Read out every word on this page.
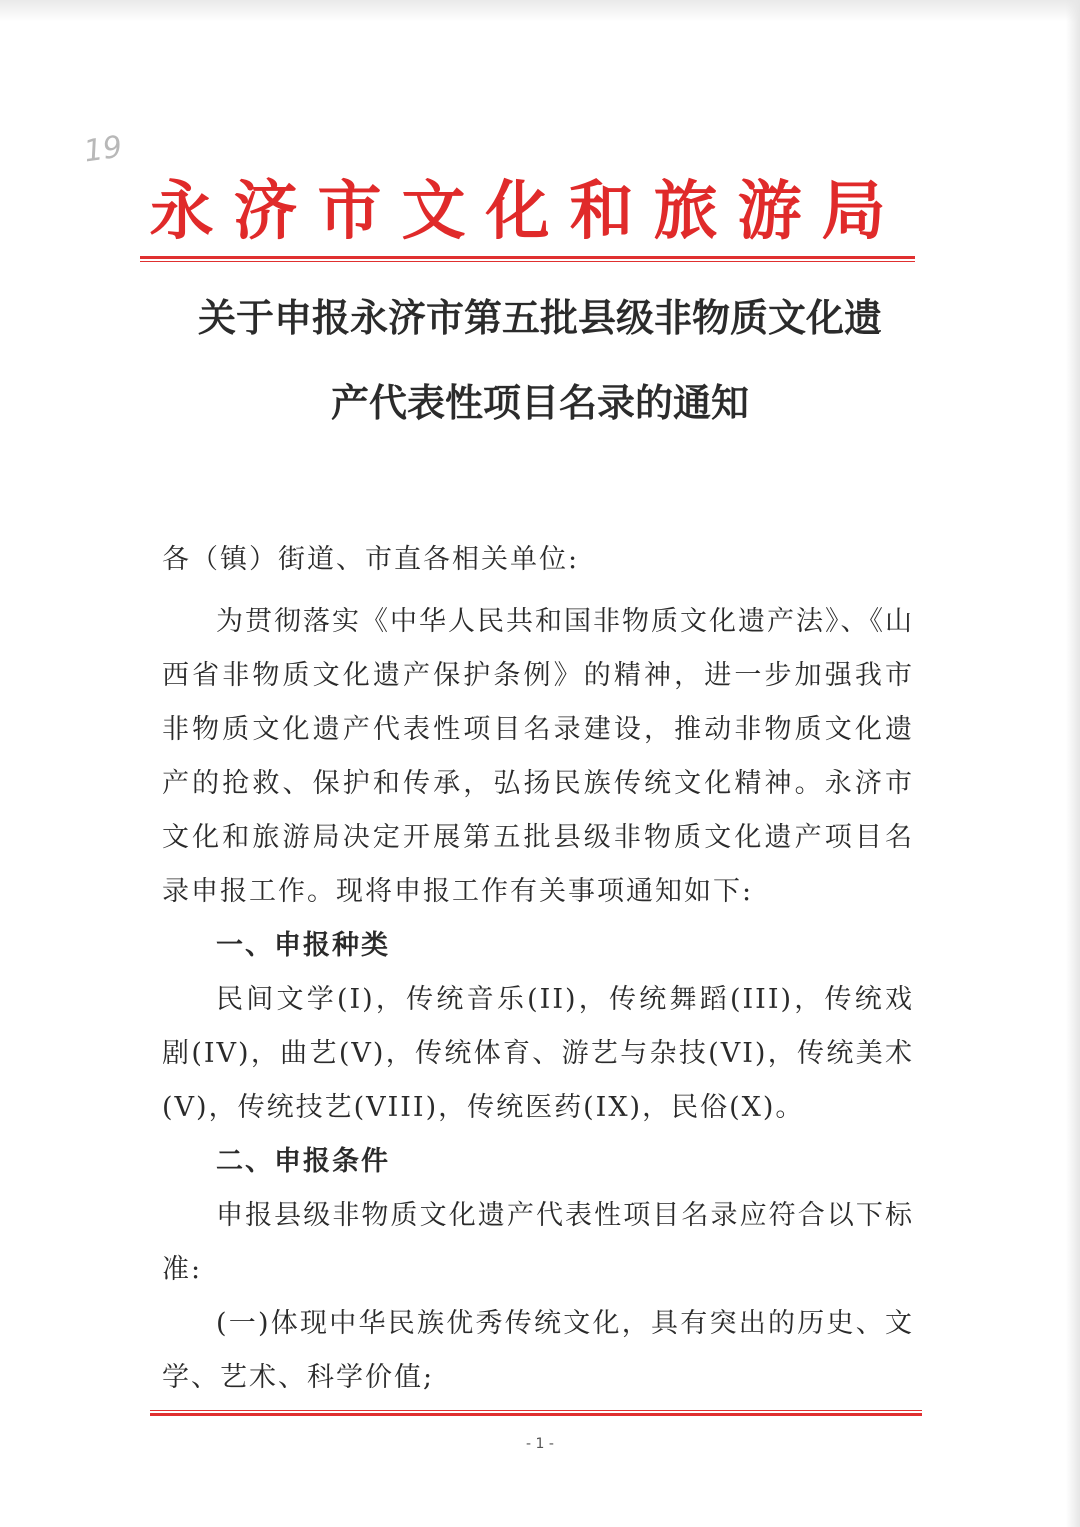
19
永济市文化和旅游局
关于申报永济市第五批县级非物质文化遗
产代表性项目名录的通知
各（镇）街道、市直各相关单位:

为贯彻落实《中华人民共和国非物质文化遗产法》、《山西省非物质文化遗产保护条例》的精神，进一步加强我市非物质文化遗产代表性项目名录建设，推动非物质文化遗产的抢救、保护和传承，弘扬民族传统文化精神。永济市文化和旅游局决定开展第五批县级非物质文化遗产项目名录申报工作。现将申报工作有关事项通知如下:

一、申报种类

民间文学(I)，传统音乐(II)，传统舞蹈(III)，传统戏剧(IV)，曲艺(V)，传统体育、游艺与杂技(VI)，传统美术(V)，传统技艺(VIII)，传统医药(IX)，民俗(X)。

二、申报条件

申报县级非物质文化遗产代表性项目名录应符合以下标准:

(一)体现中华民族优秀传统文化，具有突出的历史、文学、艺术、科学价值;

- 1 -
